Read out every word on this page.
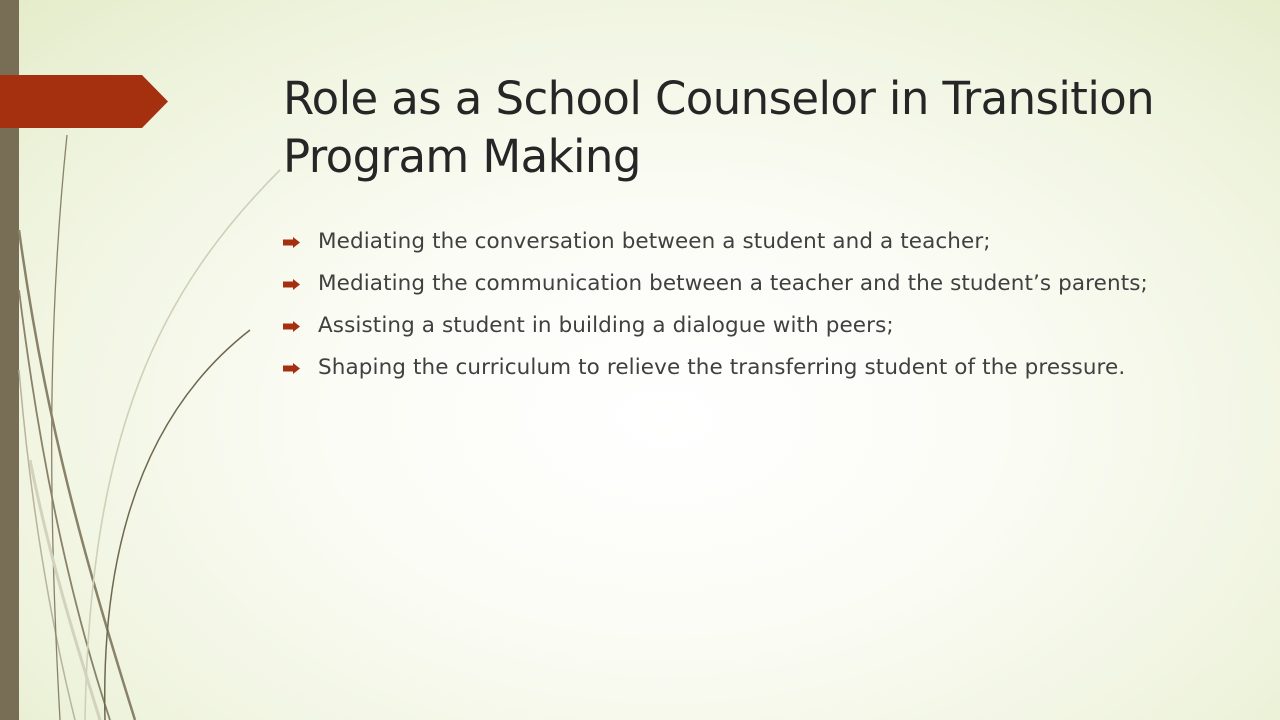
Role as a School Counselor in Transition Program Making
Mediating the conversation between a student and a teacher;
Mediating the communication between a teacher and the student’s parents;
Assisting a student in building a dialogue with peers;
Shaping the curriculum to relieve the transferring student of the pressure.
